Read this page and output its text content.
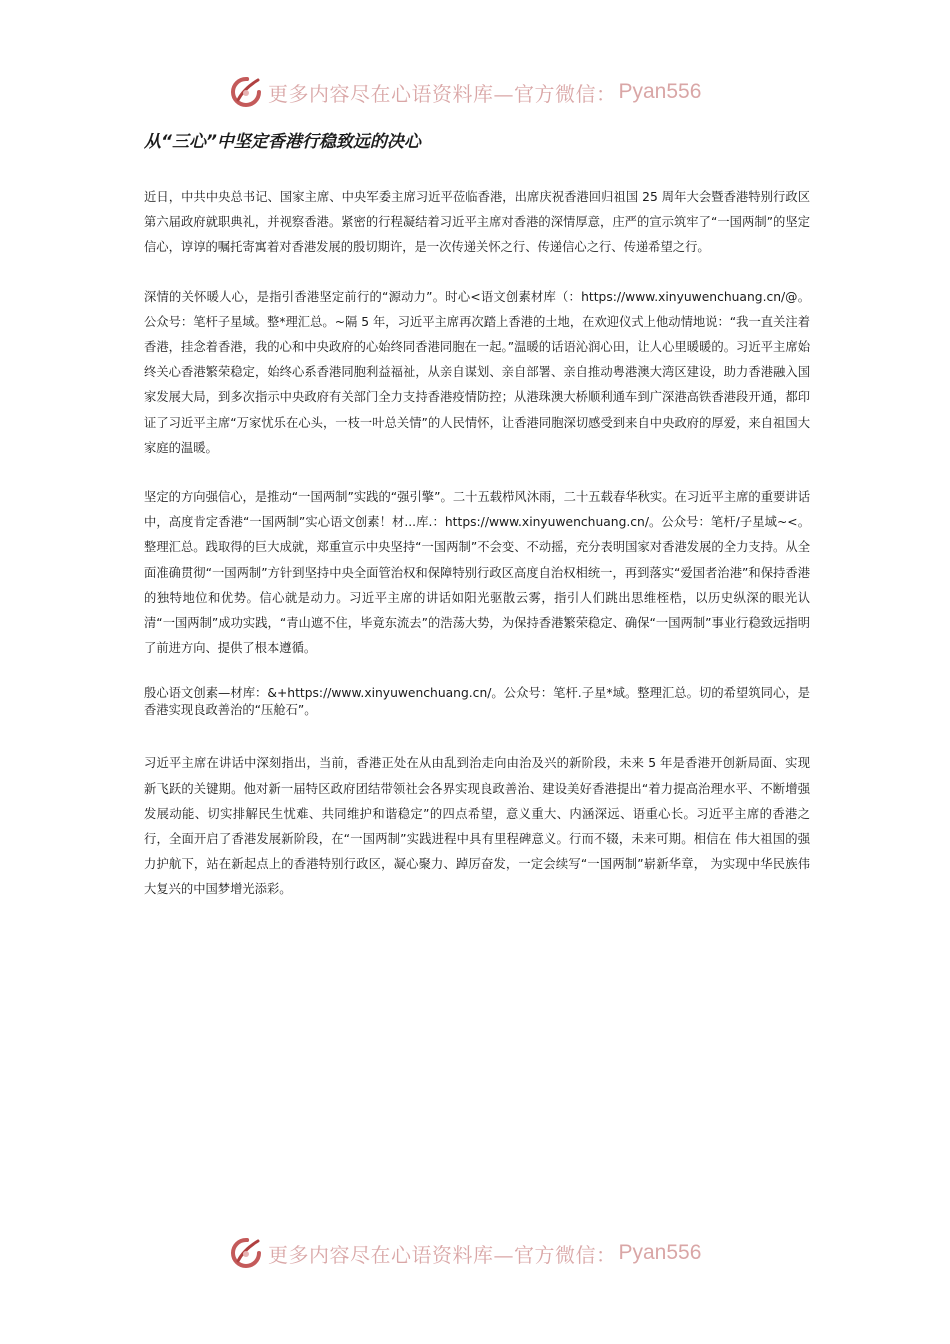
更多内容尽在心语资料库—官方微信： Pyan556
从“三心”中坚定香港行稳致远的决心

近日，中共中央总书记、国家主席、中央军委主席习近平莅临香港，出席庆祝香港回归祖国 25 周年大会暨香港特别行政区第六届政府就职典礼，并视察香港。紧密的行程凝结着习近平主席对香港的深情厚意，庄严的宣示筑牢了“一国两制”的坚定信心，谆谆的嘱托寄寓着对香港发展的殷切期许，是一次传递关怀之行、传递信心之行、传递希望之行。

深情的关怀暖人心，是指引香港坚定前行的“源动力”。时心<语文创素材库（：https://www.xinyuwenchuang.cn/@。公众号：笔杆子星域。整*理汇总。~隔 5 年，习近平主席再次踏上香港的土地，在欢迎仪式上他动情地说：“我一直关注着香港，挂念着香港，我的心和中央政府的心始终同香港同胞在一起。”温暖的话语沁润心田，让人心里暖暖的。习近平主席始终关心香港繁荣稳定，始终心系香港同胞利益福祉，从亲自谋划、亲自部署、亲自推动粤港澳大湾区建设，助力香港融入国家发展大局，到多次指示中央政府有关部门全力支持香港疫情防控；从港珠澳大桥顺利通车到广深港高铁香港段开通，都印证了习近平主席“万家忧乐在心头，一枝一叶总关情”的人民情怀，让香港同胞深切感受到来自中央政府的厚爱，来自祖国大家庭的温暖。

坚定的方向强信心，是推动“一国两制”实践的“强引擎”。二十五载栉风沐雨，二十五载春华秋实。在习近平主席的重要讲话中，高度肯定香港“一国两制”实心语文创素！材...库.：https://www.xinyuwenchuang.cn/。公众号：笔杆/子星域~<。整理汇总。践取得的巨大成就，郑重宣示中央坚持“一国两制”不会变、不动摇，充分表明国家对香港发展的全力支持。从全面准确贯彻“一国两制”方针到坚持中央全面管治权和保障特别行政区高度自治权相统一，再到落实“爱国者治港”和保持香港的独特地位和优势。信心就是动力。习近平主席的讲话如阳光驱散云雾，指引人们跳出思维桎梏，以历史纵深的眼光认清“一国两制”成功实践，“青山遮不住，毕竟东流去”的浩荡大势，为保持香港繁荣稳定、确保“一国两制”事业行稳致远指明了前进方向、提供了根本遵循。

殷心语文创素—材库：&+https://www.xinyuwenchuang.cn/。公众号：笔杆.子星*域。整理汇总。切的希望筑同心，是香港实现良政善治的“压舱石”。

习近平主席在讲话中深刻指出，当前，香港正处在从由乱到治走向由治及兴的新阶段，未来 5 年是香港开创新局面、实现新飞跃的关键期。他对新一届特区政府团结带领社会各界实现良政善治、建设美好香港提出“着力提高治理水平、不断增强发展动能、切实排解民生忧难、共同维护和谐稳定”的四点希望，意义重大、内涵深远、语重心长。习近平主席的香港之行，全面开启了香港发展新阶段，在“一国两制”实践进程中具有里程碑意义。行而不辍，未来可期。相信在 伟大祖国的强力护航下，站在新起点上的香港特别行政区，凝心聚力、踔厉奋发，一定会续写“一国两制”崭新华章， 为实现中华民族伟大复兴的中国梦增光添彩。

更多内容尽在心语资料库—官方微信： Pyan556
